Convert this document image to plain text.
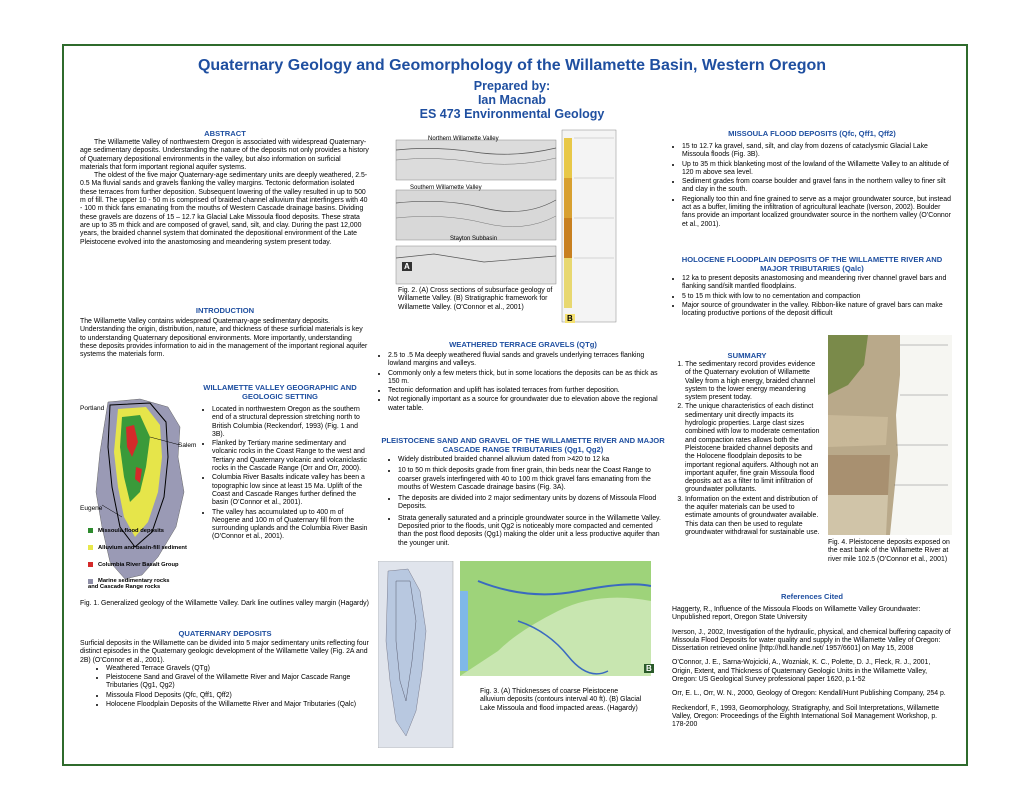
Quaternary Geology and Geomorphology of the Willamette Basin, Western Oregon
Prepared by:
Ian Macnab
ES 473 Environmental Geology
ABSTRACT

The Willamette Valley of northwestern Oregon is associated with widespread Quaternary-age sedimentary deposits. Understanding the nature of the deposits not only provides a history of Quaternary depositional environments in the valley, but also information on surficial materials that form important regional aquifer systems.

The oldest of the five major Quaternary-age sedimentary units are deeply weathered, 2.5-0.5 Ma fluvial sands and gravels flanking the valley margins. Tectonic deformation isolated these terraces from further deposition. Subsequent lowering of the valley resulted in up to 500 m of fill. The upper 10 - 50 m is comprised of braided channel alluvium that interfingers with 40 - 100 m thick fans emanating from the mouths of Western Cascade drainage basins. Dividing these gravels are dozens of 15 – 12.7 ka Glacial Lake Missoula flood deposits. These strata are up to 35 m thick and are composed of gravel, sand, silt, and clay. During the past 12,000 years, the braided channel system that dominated the depositional environment of the Late Pleistocene evolved into the anastomosing and meandering system present today.

INTRODUCTION
The Willamette Valley contains widespread Quaternary-age sedimentary deposits. Understanding the origin, distribution, nature, and thickness of these surficial materials is key to understanding Quaternary depositional environments. More importantly, understanding these deposits provides information to aid in the management of the important regional aquifer systems the materials form.
Portland
Salem
Eugene
Missoula flood deposits
Alluvium and basin-fill sediment
Columbia River Basalt Group
Marine sedimentary rocks and Cascade Range rocks
WILLAMETTE VALLEY GEOGRAPHIC AND GEOLOGIC SETTING
• Located in northwestern Oregon as the southern end of a structural depression stretching north to British Columbia (Reckendorf, 1993) (Fig. 1 and 3B).
• Flanked by Tertiary marine sedimentary and volcanic rocks in the Coast Range to the west and Tertiary and Quaternary volcanic and volcaniclastic rocks in the Cascade Range (Orr and Orr, 2000).
• Columbia River Basalts indicate valley has been a topographic low since at least 15 Ma. Uplift of the Coast and Cascade Ranges further defined the basin (O’Connor et al., 2001).
• The valley has accumulated up to 400 m of Neogene and 100 m of Quaternary fill from the surrounding uplands and the Columbia River Basin (O’Connor et al., 2001).
Fig. 1. Generalized geology of the Willamette Valley. Dark line outlines valley margin (Hagardy)
QUATERNARY DEPOSITS

Surficial deposits in the Willamette can be divided into 5 major sedimentary units reflecting four distinct episodes in the Quaternary geologic development of the Willamette Valley (Fig. 2A and 2B) (O’Connor et al., 2001).

• Weathered Terrace Gravels (QTg)
• Pleistocene Sand and Gravel of the Willamette River and Major Cascade Range Tributaries (Qg1, Qg2)
• Missoula Flood Deposits (Qfc, Qff1, Qff2)
• Holocene Floodplain Deposits of the Willamette River and Major Tributaries (Qalc)
Northern Willamette Valley
Southern Willamette Valley
Stayton Subbasin
A
B
Fig. 2. (A) Cross sections of subsurface geology of Willamette Valley. (B) Stratigraphic framework for Willamette Valley. (O’Connor et al., 2001)
WEATHERED TERRACE GRAVELS (QTg)
• 2.5 to .5 Ma deeply weathered fluvial sands and gravels underlying terraces flanking lowland margins and valleys.
• Commonly only a few meters thick, but in some locations the deposits can be as thick as 150 m.
• Tectonic deformation and uplift has isolated terraces from further deposition.
• Not regionally important as a source for groundwater due to elevation above the regional water table.
PLEISTOCENE SAND AND GRAVEL OF THE WILLAMETTE RIVER AND MAJOR CASCADE RANGE TRIBUTARIES (Qg1, Qg2)
• Widely distributed braided channel alluvium dated from >420 to 12 ka
• 10 to 50 m thick deposits grade from finer grain, thin beds near the Coast Range to coarser gravels interfingered with 40 to 100 m thick gravel fans emanating from the mouths of Western Cascade drainage basins (Fig. 3A).
• The deposits are divided into 2 major sedimentary units by dozens of Missoula Flood Deposits.
• Strata generally saturated and a principle groundwater source in the Willamette Valley. Deposited prior to the floods, unit Qg2 is noticeably more compacted and cemented than the post flood deposits (Qg1) making the older unit a less productive aquifer than the younger unit.
B
Fig. 3. (A) Thicknesses of coarse Pleistocene alluvium deposits (contours interval 40 ft). (B) Glacial Lake Missoula and flood impacted areas. (Hagardy)
MISSOULA FLOOD DEPOSITS (Qfc, Qff1, Qff2)
• 15 to 12.7 ka gravel, sand, silt, and clay from dozens of cataclysmic Glacial Lake Missoula floods (Fig. 3B).
• Up to 35 m thick blanketing most of the lowland of the Willamette Valley to an altitude of 120 m above sea level.
• Sediment grades from coarse boulder and gravel fans in the northern valley to finer silt and clay in the south.
• Regionally too thin and fine grained to serve as a major groundwater source, but instead act as a buffer, limiting the infiltration of agricultural leachate (Iverson, 2002). Boulder fans provide an important localized groundwater source in the northern valley (O’Connor et al., 2001).
HOLOCENE FLOODPLAIN DEPOSITS OF THE WILLAMETTE RIVER AND MAJOR TRIBUTARIES (Qalc)
• 12 ka to present deposits anastomosing and meandering river channel gravel bars and flanking sand/silt mantled floodplains.
• 5 to 15 m thick with low to no cementation and compaction
• Major source of groundwater in the valley. Ribbon-like nature of gravel bars can make locating productive portions of the deposit difficult
SUMMARY
1. The sedimentary record provides evidence of the Quaternary evolution of Willamette Valley from a high energy, braided channel system to the lower energy meandering system present today.
2. The unique characteristics of each distinct sedimentary unit directly impacts its hydrologic properties. Large clast sizes combined with low to moderate cementation and compaction rates allows both the Pleistocene braided channel deposits and the Holocene floodplain deposits to be important regional aquifers. Although not an important aquifer, fine grain Missoula flood deposits act as a filter to limit infiltration of groundwater pollutants.
3. Information on the extent and distribution of the aquifer materials can be used to estimate amounts of groundwater available. This data can then be used to regulate groundwater withdrawal for sustainable use.
Fig. 4. Pleistocene deposits exposed on the east bank of the Willamette River at river mile 102.5 (O’Connor et al., 2001)
References Cited

Haggerty, R., Influence of the Missoula Floods on Willamette Valley Groundwater: Unpublished report, Oregon State University

Iverson, J., 2002, Investigation of the hydraulic, physical, and chemical buffering capacity of Missoula Flood Deposits for water quality and supply in the Willamette Valley of Oregon: Dissertation retrieved online [http://hdl.handle.net/ 1957/6601] on May 15, 2008

O’Connor, J. E., Sarna-Wojcicki, A., Wozniak, K. C., Polette, D. J., Fleck, R. J., 2001, Origin, Extent, and Thickness of Quaternary Geologic Units in the Willamette Valley, Oregon: US Geological Survey professional paper 1620, p.1-52

Orr, E. L., Orr, W. N., 2000, Geology of Oregon: Kendall/Hunt Publishing Company, 254 p.

Reckendorf, F., 1993, Geomorphology, Stratigraphy, and Soil Interpretations, Willamette Valley, Oregon: Proceedings of the Eighth International Soil Management Workshop, p. 178-200
